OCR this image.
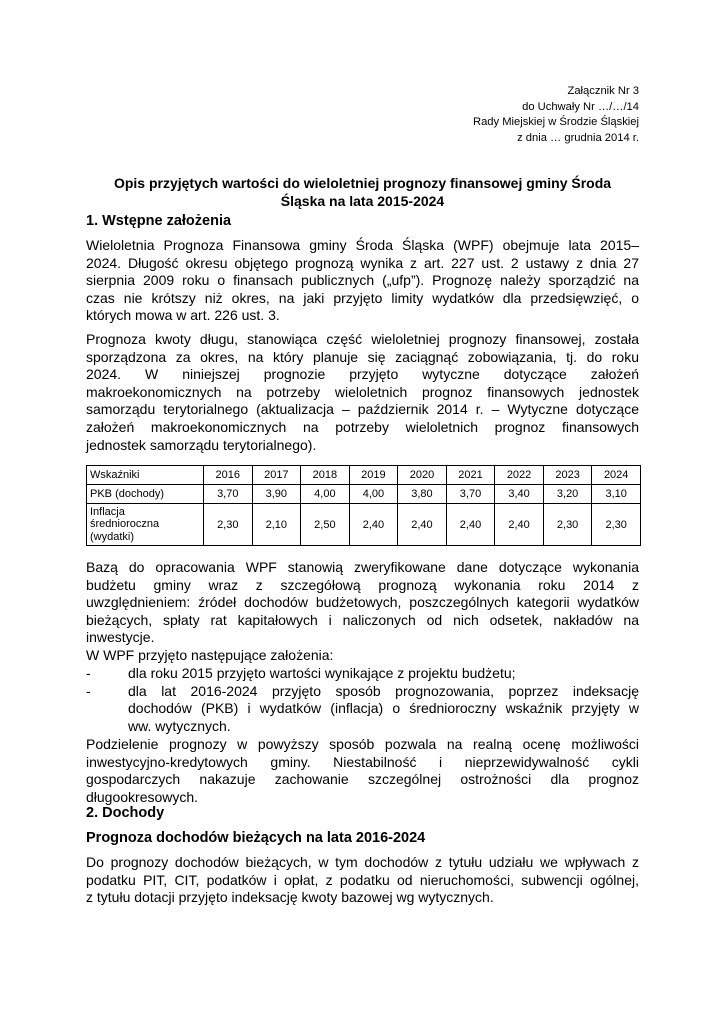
Załącznik Nr 3
do Uchwały Nr …/…/14
Rady Miejskiej w Środzie Śląskiej
z dnia … grudnia 2014 r.
Opis przyjętych wartości do wieloletniej prognozy finansowej gminy Środa
Śląska na lata 2015-2024
1. Wstępne założenia
Wieloletnia Prognoza Finansowa gminy Środa Śląska (WPF) obejmuje lata 2015–
2024. Długość okresu objętego prognozą wynika z art. 227 ust. 2 ustawy z dnia 27
sierpnia 2009 roku o finansach publicznych („ufp”). Prognozę należy sporządzić na
czas nie krótszy niż okres, na jaki przyjęto limity wydatków dla przedsięwzięć, o
których mowa w art. 226 ust. 3.
Prognoza kwoty długu, stanowiąca część wieloletniej prognozy finansowej, została
sporządzona za okres, na który planuje się zaciągnąć zobowiązania, tj. do roku
2024. W niniejszej prognozie przyjęto wytyczne dotyczące założeń
makroekonomicznych na potrzeby wieloletnich prognoz finansowych jednostek
samorządu terytorialnego (aktualizacja – październik 2014 r. – Wytyczne dotyczące
założeń makroekonomicznych na potrzeby wieloletnich prognoz finansowych
jednostek samorządu terytorialnego).
Wskaźniki	2016	2017	2018	2019	2020	2021	2022	2023	2024
PKB (dochody)	3,70	3,90	4,00	4,00	3,80	3,70	3,40	3,20	3,10

Inflacja
średnioroczna
(wydatki)	2,30	2,10	2,50	2,40	2,40	2,40	2,40	2,30	2,30
Bazą do opracowania WPF stanowią zweryfikowane dane dotyczące wykonania
budżetu gminy wraz z szczegółową prognozą wykonania roku 2014 z
uwzględnieniem: źródeł dochodów budżetowych, poszczególnych kategorii wydatków
bieżących, spłaty rat kapitałowych i naliczonych od nich odsetek, nakładów na
inwestycje.
W WPF przyjęto następujące założenia:
-	dla roku 2015 przyjęto wartości wynikające z projektu budżetu;
-	dla lat 2016-2024 przyjęto sposób prognozowania, poprzez indeksację
dochodów (PKB) i wydatków (inflacja) o średnioroczny wskaźnik przyjęty w
ww. wytycznych.
Podzielenie prognozy w powyższy sposób pozwala na realną ocenę możliwości
inwestycyjno-kredytowych gminy. Niestabilność i nieprzewidywalność cykli
gospodarczych nakazuje zachowanie szczególnej ostrożności dla prognoz
długookresowych.
2. Dochody
Prognoza dochodów bieżących na lata 2016-2024
Do prognozy dochodów bieżących, w tym dochodów z tytułu udziału we wpływach z
podatku PIT, CIT, podatków i opłat, z podatku od nieruchomości, subwencji ogólnej,
z tytułu dotacji przyjęto indeksację kwoty bazowej wg wytycznych.
